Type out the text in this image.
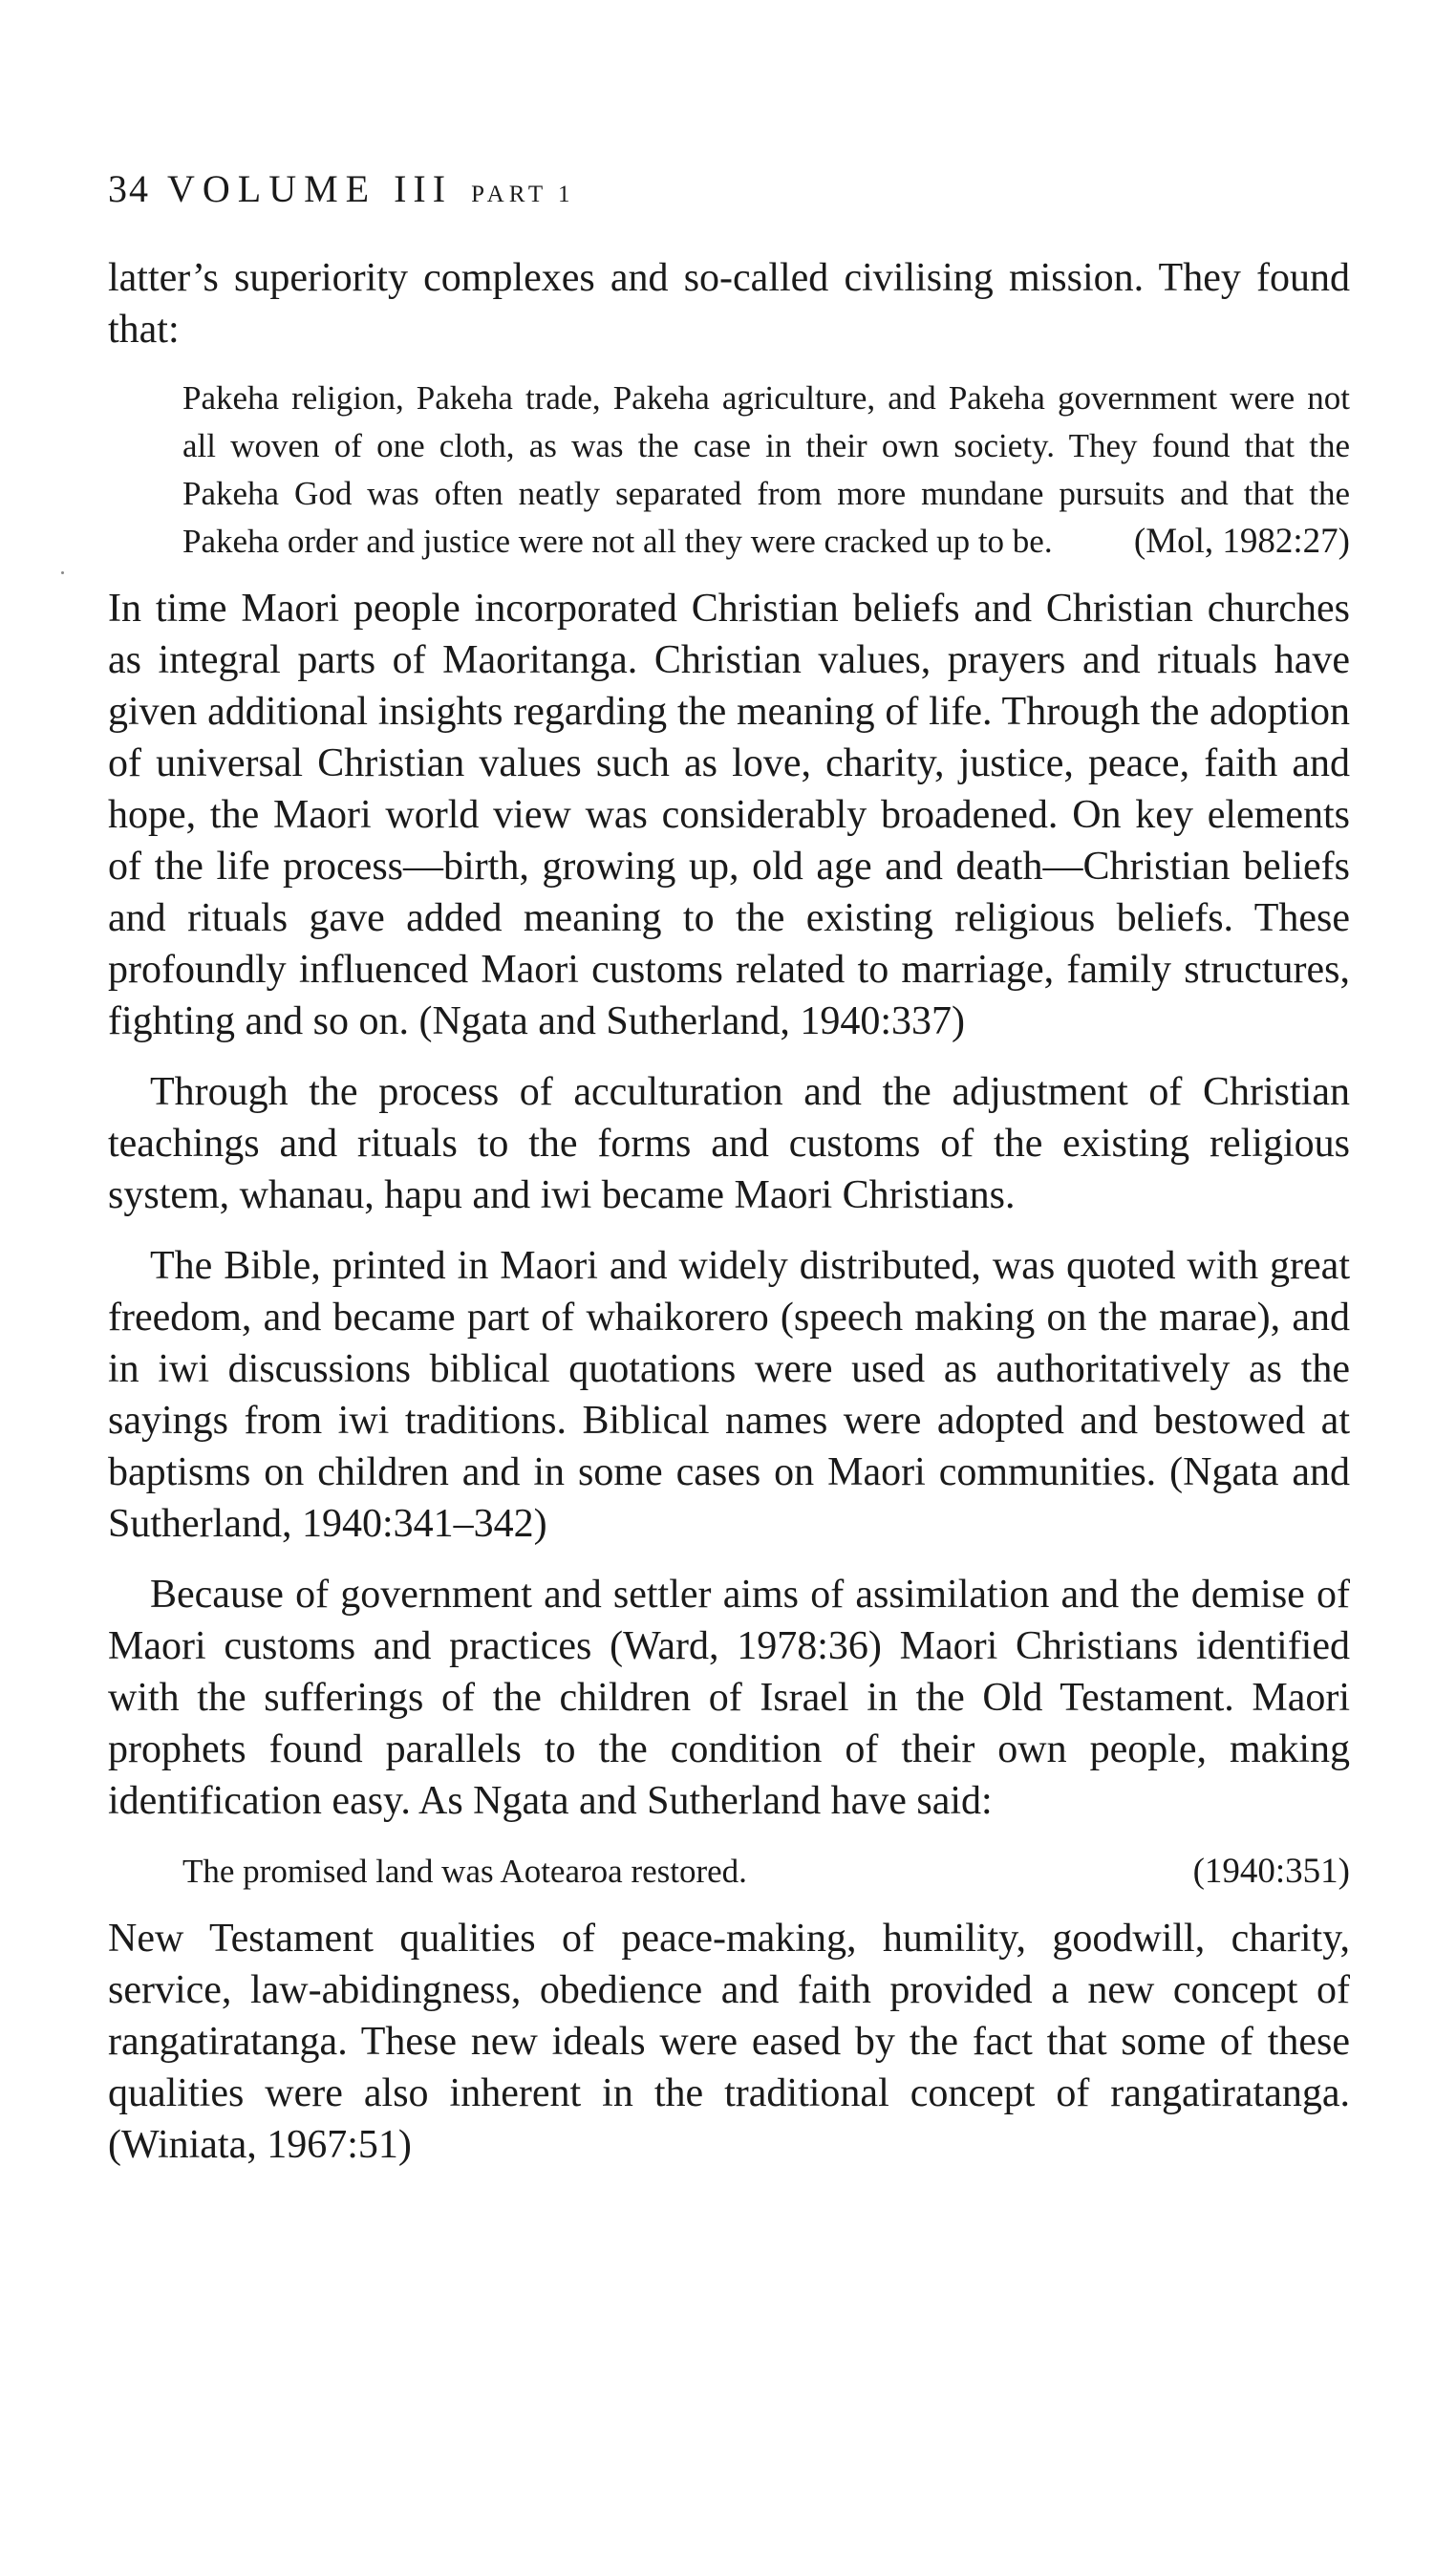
34 VOLUME III PART 1

latter’s superiority complexes and so-called civilising mission. They found that:

Pakeha religion, Pakeha trade, Pakeha agriculture, and Pakeha government were not all woven of one cloth, as was the case in their own society. They found that the Pakeha God was often neatly separated from more mundane pursuits and that the Pakeha order and justice were not all they were cracked up to be. (Mol, 1982:27)

In time Maori people incorporated Christian beliefs and Christian churches as integral parts of Maoritanga. Christian values, prayers and rituals have given additional insights regarding the meaning of life. Through the adoption of universal Christian values such as love, charity, justice, peace, faith and hope, the Maori world view was considerably broadened. On key elements of the life process—birth, growing up, old age and death—Christian beliefs and rituals gave added meaning to the existing religious beliefs. These profoundly influenced Maori customs related to marriage, family structures, fighting and so on. (Ngata and Sutherland, 1940:337)

Through the process of acculturation and the adjustment of Christian teachings and rituals to the forms and customs of the existing religious system, whanau, hapu and iwi became Maori Christians.

The Bible, printed in Maori and widely distributed, was quoted with great freedom, and became part of whaikorero (speech making on the marae), and in iwi discussions biblical quotations were used as authoritatively as the sayings from iwi traditions. Biblical names were adopted and bestowed at baptisms on children and in some cases on Maori communities. (Ngata and Sutherland, 1940:341–342)

Because of government and settler aims of assimilation and the demise of Maori customs and practices (Ward, 1978:36) Maori Christians identified with the sufferings of the children of Israel in the Old Testament. Maori prophets found parallels to the condition of their own people, making identification easy. As Ngata and Sutherland have said:

The promised land was Aotearoa restored.	(1940:351)

New Testament qualities of peace-making, humility, goodwill, charity, service, law-abidingness, obedience and faith provided a new concept of rangatiratanga. These new ideals were eased by the fact that some of these qualities were also inherent in the traditional concept of rangatiratanga. (Winiata, 1967:51)
